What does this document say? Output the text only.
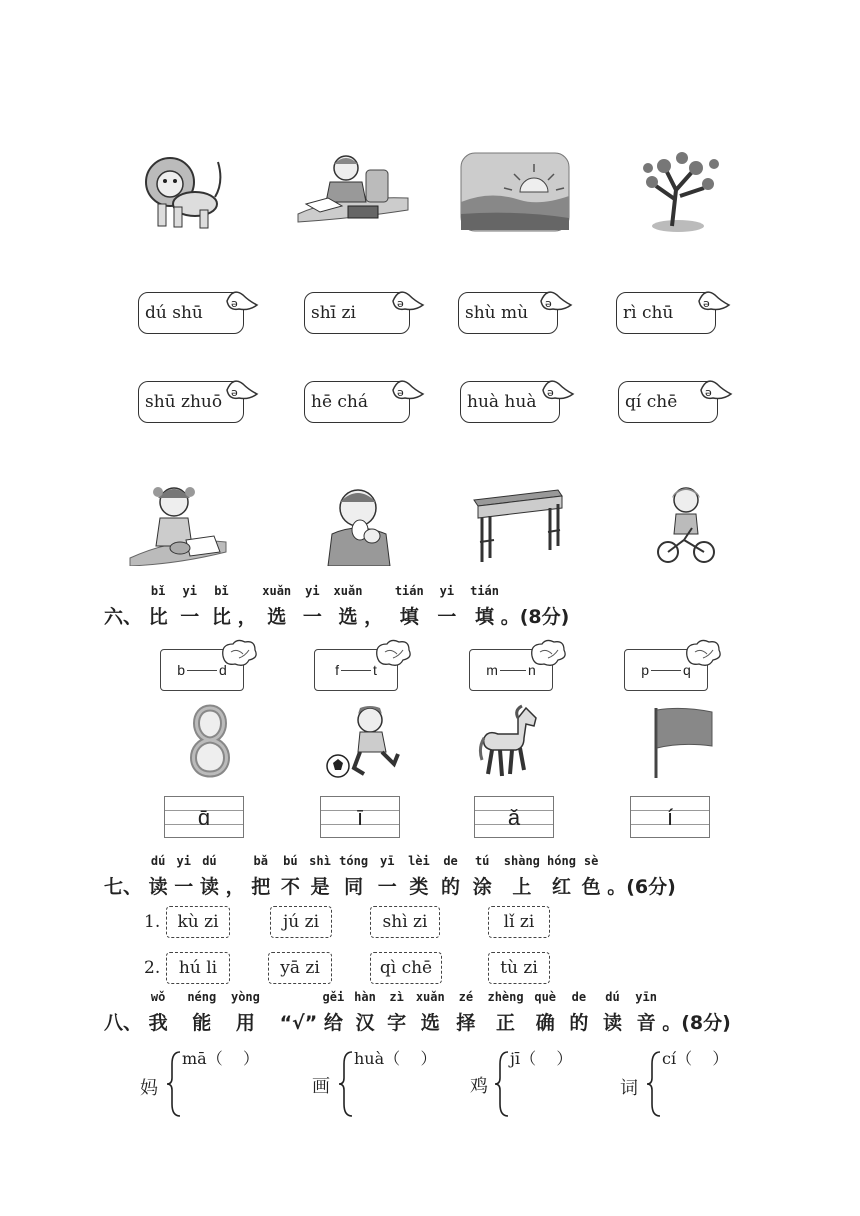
dú shū	ə	shī zi	ə	shù mù ə	rì chū	ə
shū zhuō ə	hē chá	ə	huà huà ə	qí chē	ə
六、
bǐ
比
yi
一
bǐ
比 ，
xuǎn
选
yi
一
xuǎn
选 ，
tián
填
yi
一
tián
填 。(8分)
b d	f t	m n	p q
ɑ̄	ī	ǎ	í
七、
dú
读
yi
一
dú
读 ，
bǎ
把
bú
不
shì
是
tóng
同
yī
一
lèi
类
de
的
tú
涂
shàng
上
hóng
红
sè
色 。(6分)
1. kù zi	jú zi	shì zi	lǐ zi
2. hú li	yā zi	qì chē	tù zi
八、
wǒ
我
néng
能
yòng
用 “√”
gěi
给
hàn
汉
zì
字
xuǎn
选
zé
择
zhèng
正
què
确
de
的
dú
读
yīn
音 。(8分)
妈
mā（    ）
画
huà（    ）
鸡
jī（    ）
词
cí（    ）
